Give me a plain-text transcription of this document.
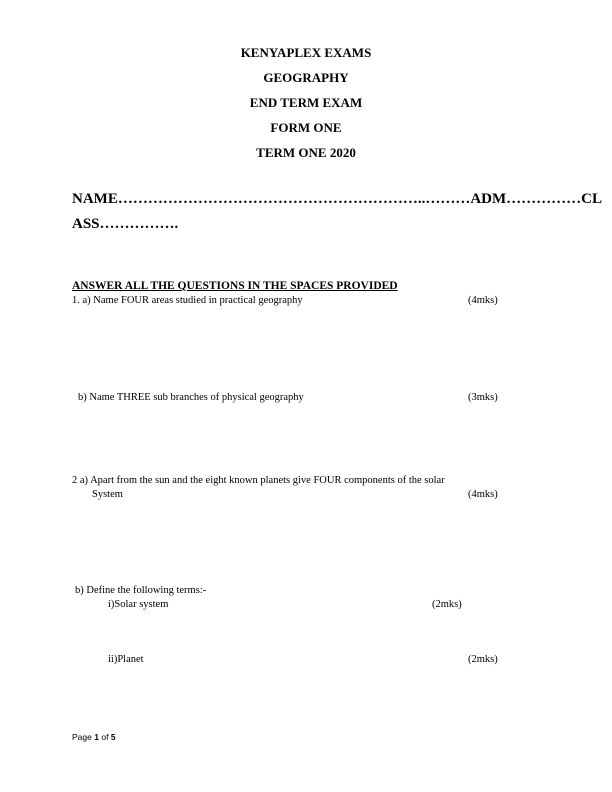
KENYAPLEX EXAMS
GEOGRAPHY
END TERM EXAM
FORM ONE
TERM ONE 2020
NAME……………………………………………………..………ADM……………CL
ASS…………….
ANSWER ALL THE QUESTIONS IN THE SPACES PROVIDED
1. a) Name FOUR areas studied in practical geography	(4mks)
b) Name THREE sub branches of physical geography	(3mks)
2 a) Apart from the sun and the eight known planets give FOUR components of the solar
System	(4mks)
b) Define the following terms:-
i)Solar system	(2mks)
ii)Planet	(2mks)
Page 1 of 5
